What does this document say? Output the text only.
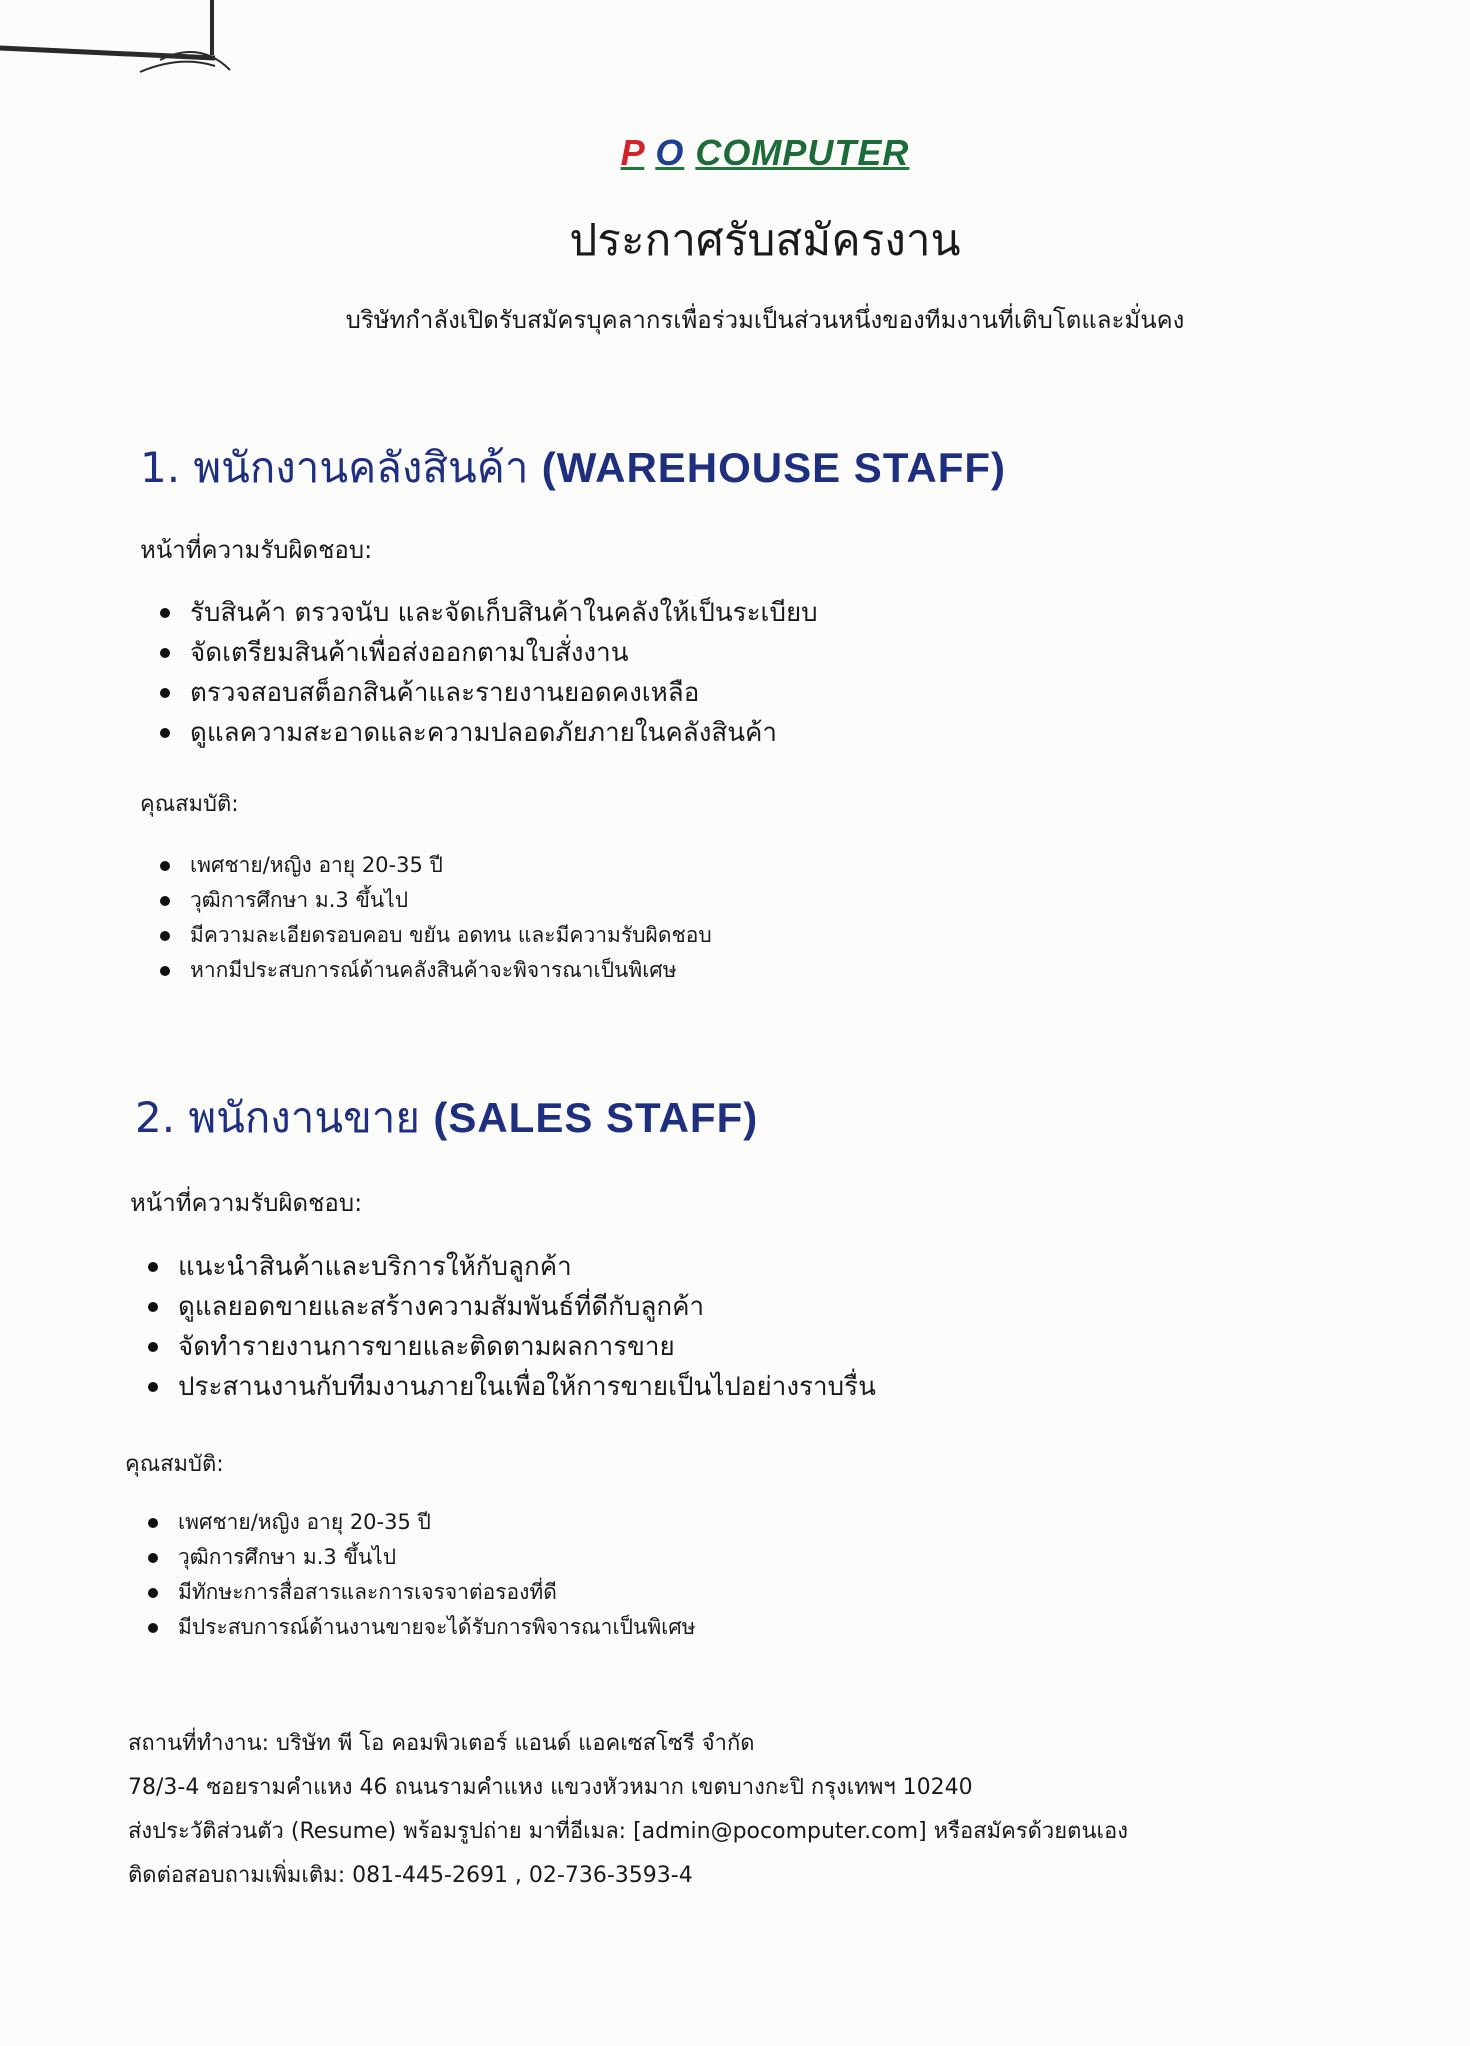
P O COMPUTER
ประกาศรับสมัครงาน
บริษัทกำลังเปิดรับสมัครบุคลากรเพื่อร่วมเป็นส่วนหนึ่งของทีมงานที่เติบโตและมั่นคง
1. พนักงานคลังสินค้า (WAREHOUSE STAFF)
หน้าที่ความรับผิดชอบ:
รับสินค้า ตรวจนับ และจัดเก็บสินค้าในคลังให้เป็นระเบียบ
จัดเตรียมสินค้าเพื่อส่งออกตามใบสั่งงาน
ตรวจสอบสต็อกสินค้าและรายงานยอดคงเหลือ
ดูแลความสะอาดและความปลอดภัยภายในคลังสินค้า
คุณสมบัติ:
เพศชาย/หญิง อายุ 20-35 ปี
วุฒิการศึกษา ม.3 ขึ้นไป
มีความละเอียดรอบคอบ ขยัน อดทน และมีความรับผิดชอบ
หากมีประสบการณ์ด้านคลังสินค้าจะพิจารณาเป็นพิเศษ
2. พนักงานขาย (SALES STAFF)
หน้าที่ความรับผิดชอบ:
แนะนำสินค้าและบริการให้กับลูกค้า
ดูแลยอดขายและสร้างความสัมพันธ์ที่ดีกับลูกค้า
จัดทำรายงานการขายและติดตามผลการขาย
ประสานงานกับทีมงานภายในเพื่อให้การขายเป็นไปอย่างราบรื่น
คุณสมบัติ:
เพศชาย/หญิง อายุ 20-35 ปี
วุฒิการศึกษา ม.3 ขึ้นไป
มีทักษะการสื่อสารและการเจรจาต่อรองที่ดี
มีประสบการณ์ด้านงานขายจะได้รับการพิจารณาเป็นพิเศษ
สถานที่ทำงาน: บริษัท พี โอ คอมพิวเตอร์ แอนด์ แอคเซสโซรี จำกัด
78/3-4 ซอยรามคำแหง 46 ถนนรามคำแหง แขวงหัวหมาก เขตบางกะปิ กรุงเทพฯ 10240
ส่งประวัติส่วนตัว (Resume) พร้อมรูปถ่าย มาที่อีเมล: [admin@pocomputer.com] หรือสมัครด้วยตนเอง
ติดต่อสอบถามเพิ่มเติม: 081-445-2691 , 02-736-3593-4
